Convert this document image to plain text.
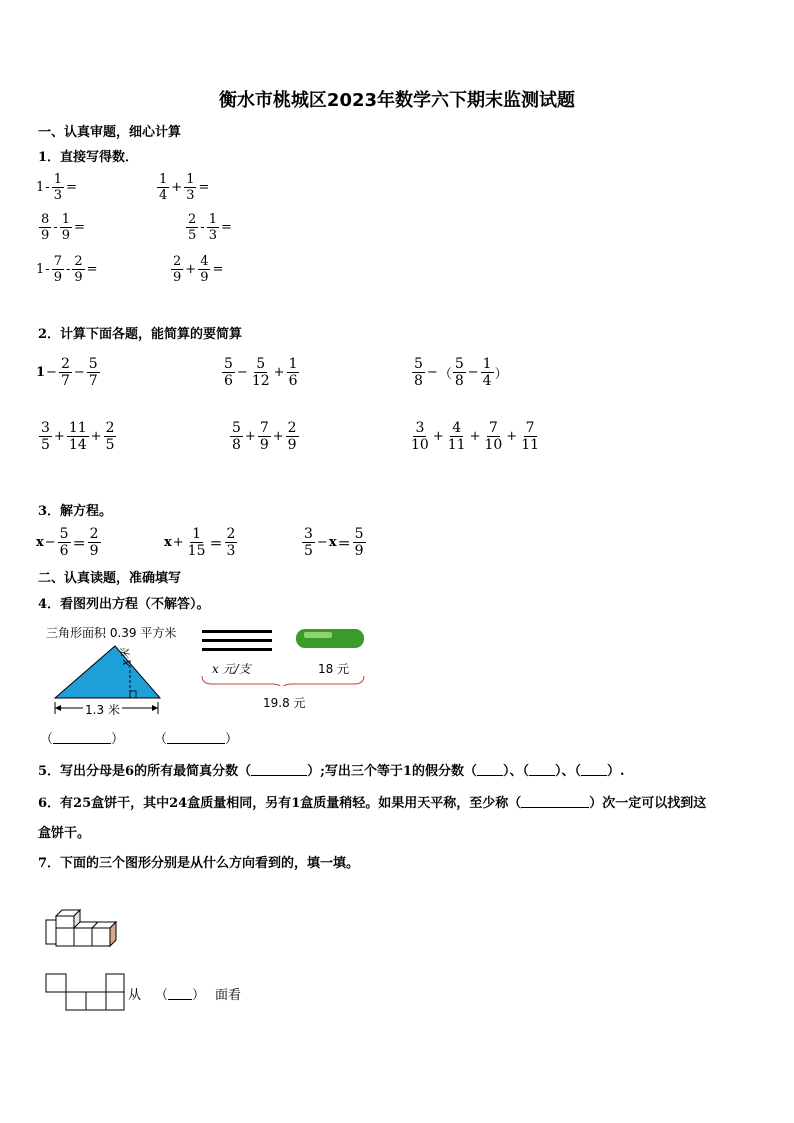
衡水市桃城区2023年数学六下期末监测试题
一、认真审题，细心计算
1．直接写得数．
$1 - \frac{1}{3}$ =	$\frac{1}{4} + \frac{1}{3}$ =
$\frac{8}{9} - \frac{1}{9}$ =	$\frac{2}{5} - \frac{1}{3}$ =
$1 - \frac{7}{9} - \frac{2}{9}$ =	$\frac{2}{9} + \frac{4}{9}$ =
2．计算下面各题，能简算的要简算
$1 - \frac{2}{7} - \frac{5}{7}$	$\frac{5}{6} - \frac{5}{12} + \frac{1}{6}$	$\frac{5}{8}$ − （ $\frac{5}{8} - \frac{1}{4}$ ）
$\frac{3}{5} + \frac{11}{14} + \frac{2}{5}$	$\frac{5}{8} + \frac{7}{9} + \frac{2}{9}$	$\frac{3}{10} + \frac{4}{11} + \frac{7}{10} + \frac{7}{11}$
3．解方程。
$x - \frac{5}{6} = \frac{2}{9}$	$x + \frac{1}{15} = \frac{2}{3}$	$\frac{3}{5} - x = \frac{5}{9}$
二、认真读题，准确填写
4．看图列出方程（不解答）。
三角形面积 0.39 平方米
x米
1.3 米
x 元/支	18 元
19.8 元
（	） （	）
5．写出分母是6的所有最简真分数（	）;写出三个等于1的假分数（ ）、（ ）、（ ）.
6．有25盒饼干，其中24盒质量相同，另有1盒质量稍轻。如果用天平称，至少称（	）次一定可以找到这
盒饼干。
7．下面的三个图形分别是从什么方向看到的，填一填。
从 （ ） 面看
